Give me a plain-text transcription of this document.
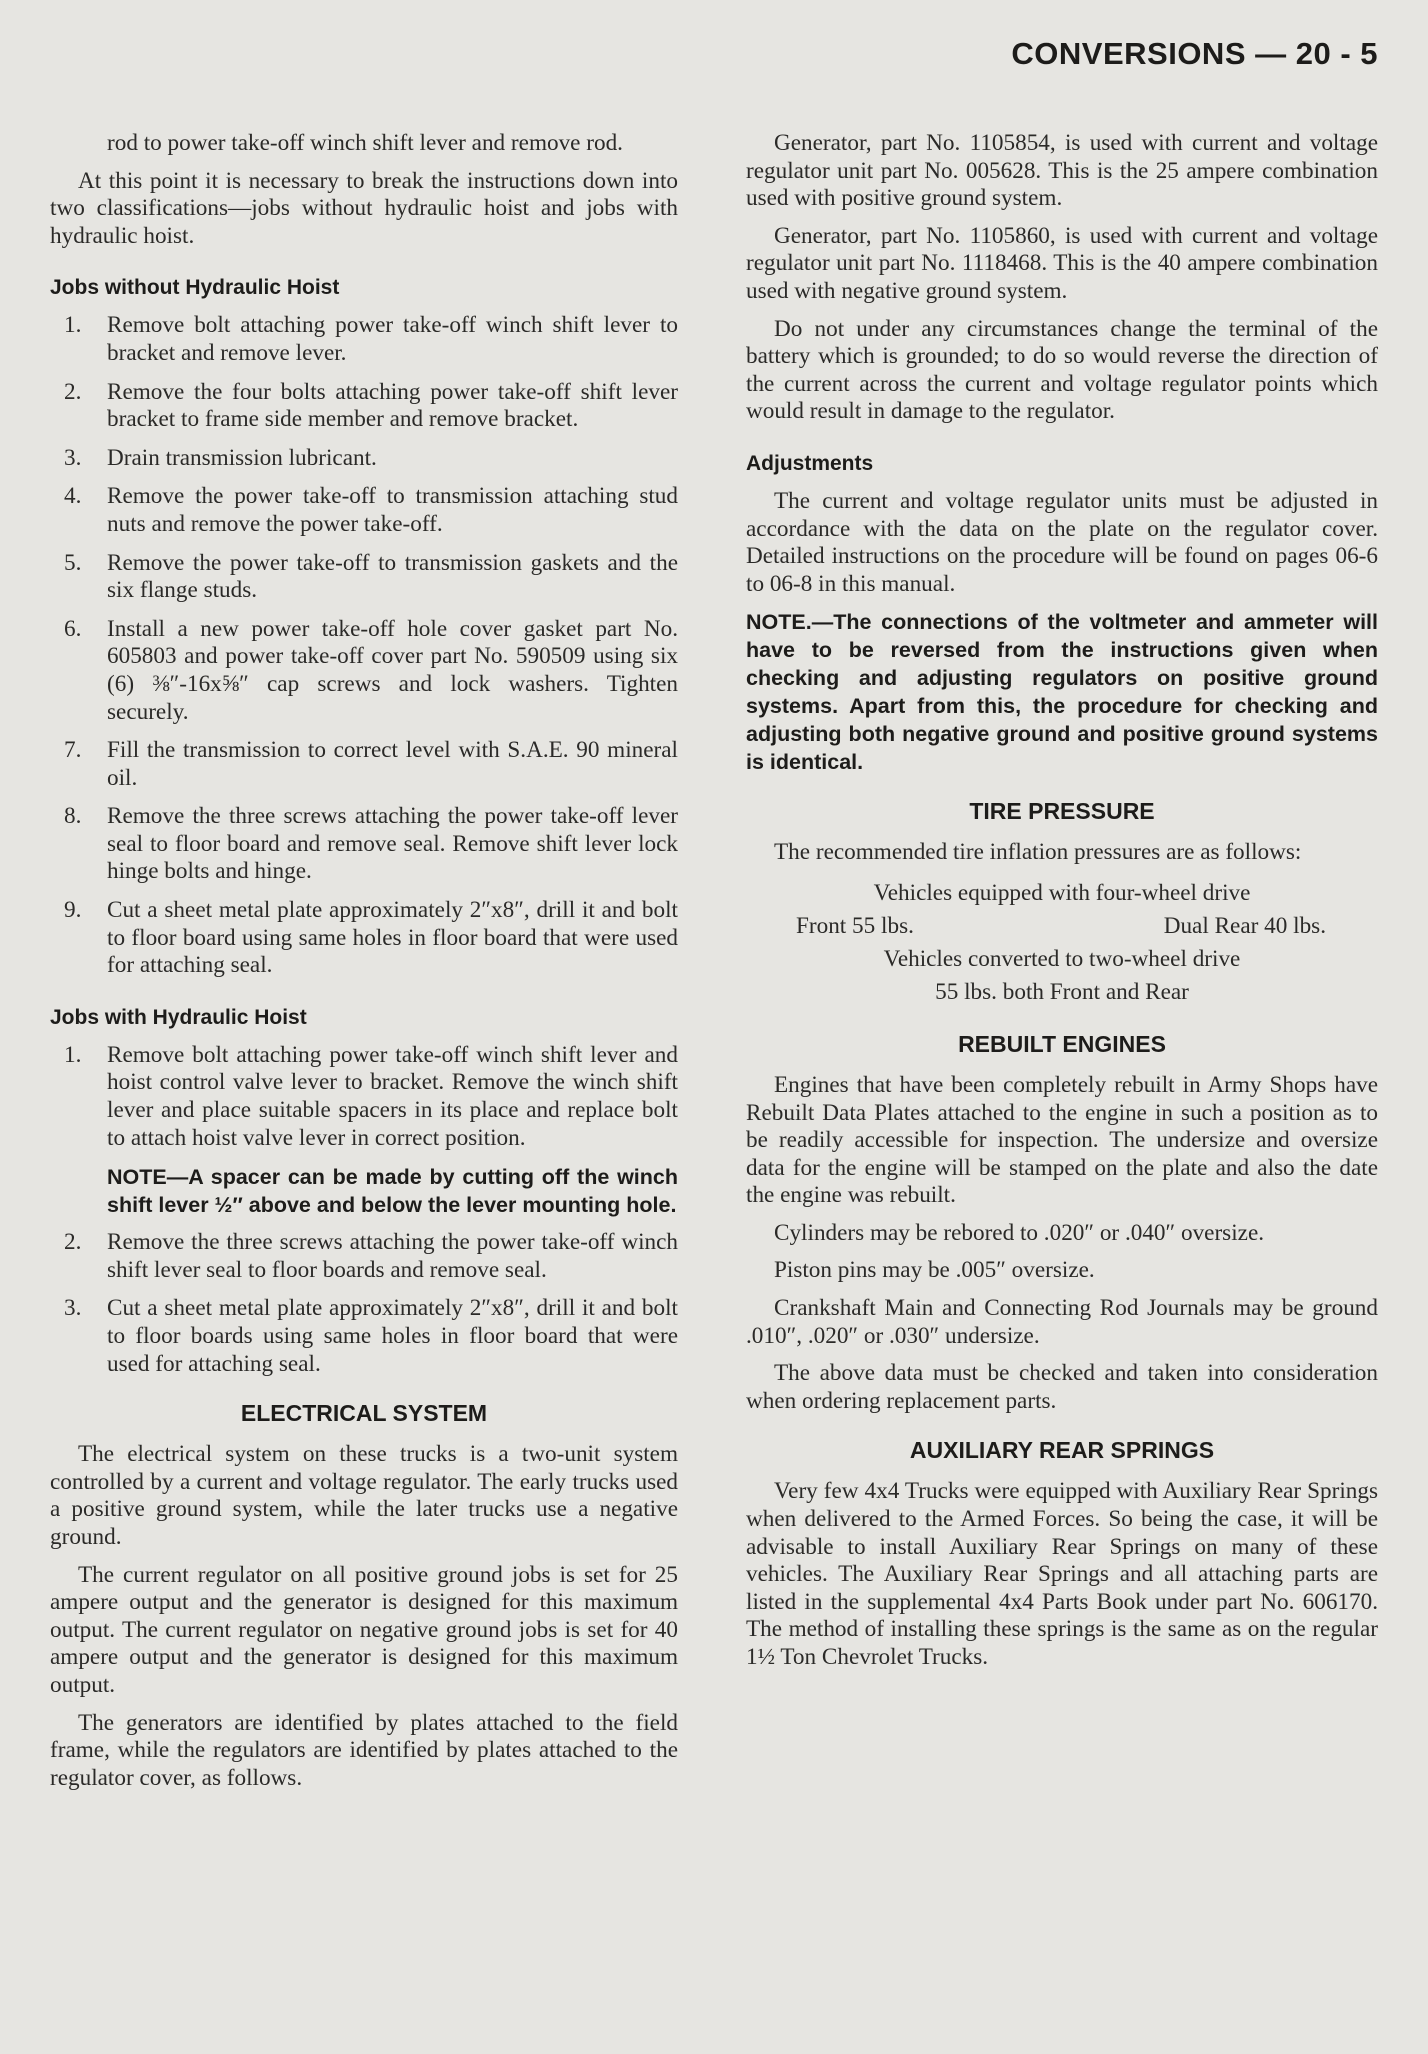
CONVERSIONS — 20 - 5

rod to power take-off winch shift lever and remove rod.

At this point it is necessary to break the instructions down into two classifications—jobs without hydraulic hoist and jobs with hydraulic hoist.

Jobs without Hydraulic Hoist
1. Remove bolt attaching power take-off winch shift lever to bracket and remove lever.
2. Remove the four bolts attaching power take-off shift lever bracket to frame side member and remove bracket.
3. Drain transmission lubricant.
4. Remove the power take-off to transmission attaching stud nuts and remove the power take-off.
5. Remove the power take-off to transmission gaskets and the six flange studs.
6. Install a new power take-off hole cover gasket part No. 605803 and power take-off cover part No. 590509 using six (6) ⅜″-16x⅝″ cap screws and lock washers. Tighten securely.
7. Fill the transmission to correct level with S.A.E. 90 mineral oil.
8. Remove the three screws attaching the power take-off lever seal to floor board and remove seal. Remove shift lever lock hinge bolts and hinge.
9. Cut a sheet metal plate approximately 2″x8″, drill it and bolt to floor board using same holes in floor board that were used for attaching seal.
Jobs with Hydraulic Hoist
1. Remove bolt attaching power take-off winch shift lever and hoist control valve lever to bracket. Remove the winch shift lever and place suitable spacers in its place and replace bolt to attach hoist valve lever in correct position.
NOTE—A spacer can be made by cutting off the winch shift lever ½″ above and below the lever mounting hole.
2. Remove the three screws attaching the power take-off winch shift lever seal to floor boards and remove seal.
3. Cut a sheet metal plate approximately 2″x8″, drill it and bolt to floor boards using same holes in floor board that were used for attaching seal.
ELECTRICAL SYSTEM

The electrical system on these trucks is a two-unit system controlled by a current and voltage regulator. The early trucks used a positive ground system, while the later trucks use a negative ground.

The current regulator on all positive ground jobs is set for 25 ampere output and the generator is designed for this maximum output. The current regulator on negative ground jobs is set for 40 ampere output and the generator is designed for this maximum output.

The generators are identified by plates attached to the field frame, while the regulators are identified by plates attached to the regulator cover, as follows.

Generator, part No. 1105854, is used with current and voltage regulator unit part No. 005628. This is the 25 ampere combination used with positive ground system.

Generator, part No. 1105860, is used with current and voltage regulator unit part No. 1118468. This is the 40 ampere combination used with negative ground system.

Do not under any circumstances change the terminal of the battery which is grounded; to do so would reverse the direction of the current across the current and voltage regulator points which would result in damage to the regulator.

Adjustments

The current and voltage regulator units must be adjusted in accordance with the data on the plate on the regulator cover. Detailed instructions on the procedure will be found on pages 06-6 to 06-8 in this manual.

NOTE.—The connections of the voltmeter and ammeter will have to be reversed from the instructions given when checking and adjusting regulators on positive ground systems. Apart from this, the procedure for checking and adjusting both negative ground and positive ground systems is identical.
TIRE PRESSURE

The recommended tire inflation pressures are as follows:

Vehicles equipped with four-wheel drive
Front 55 lbs.	Dual Rear 40 lbs.
Vehicles converted to two-wheel drive
55 lbs. both Front and Rear
REBUILT ENGINES

Engines that have been completely rebuilt in Army Shops have Rebuilt Data Plates attached to the engine in such a position as to be readily accessible for inspection. The undersize and oversize data for the engine will be stamped on the plate and also the date the engine was rebuilt.

Cylinders may be rebored to .020″ or .040″ oversize.

Piston pins may be .005″ oversize.

Crankshaft Main and Connecting Rod Journals may be ground .010″, .020″ or .030″ undersize.

The above data must be checked and taken into consideration when ordering replacement parts.

AUXILIARY REAR SPRINGS

Very few 4x4 Trucks were equipped with Auxiliary Rear Springs when delivered to the Armed Forces. So being the case, it will be advisable to install Auxiliary Rear Springs on many of these vehicles. The Auxiliary Rear Springs and all attaching parts are listed in the supplemental 4x4 Parts Book under part No. 606170. The method of installing these springs is the same as on the regular 1½ Ton Chevrolet Trucks.
